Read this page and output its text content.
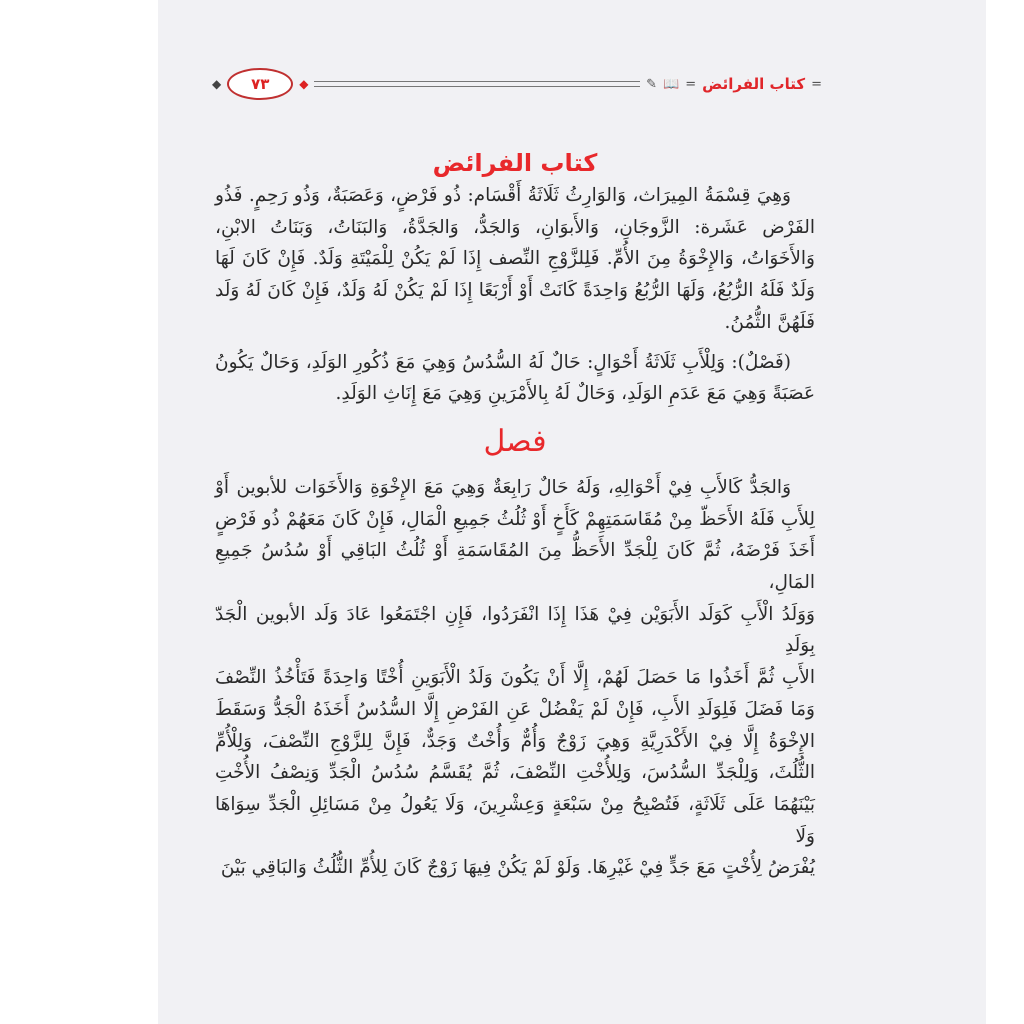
=
كتاب الفرائض
=
📖
✎
◆
٧٣
◆
كتاب الفرائض
وَهِيَ قِسْمَةُ المِيرَاث، وَالوَارِثُ ثَلَاثَةُ أَقْسَام: ذُو فَرْضٍ، وَعَصَبَةٌ، وَذُو رَحِمٍ. فَذُو
الفَرْض عَشَرة: الزَّوجَانِ، وَالأَبوَانِ، وَالجَدُّ، وَالجَدَّةُ، وَالبَنَاتُ، وَبَنَاتُ الابْنِ،
وَالأَخَوَاتُ، وَالإِخْوَةُ مِنَ الأُمِّ. فَلِلزَّوْجِ النِّصف إِذَا لَمْ يَكُنْ لِلْمَيْتَةِ وَلَدٌ. فَإِنْ كَانَ لَهَا
وَلَدٌ فَلَهُ الرُّبُعُ، وَلَهَا الرُّبُعُ وَاحِدَةً كَانَتْ أَوْ أَرْبَعًا إِذَا لَمْ يَكُنْ لَهُ وَلَدٌ، فَإِنْ كَانَ لَهُ وَلَد
فَلَهُنَّ الثُّمُنُ.
(فَصْلٌ): وَلِلْأَبِ ثَلَاثَةُ أَحْوَالٍ: حَالٌ لَهُ السُّدُسُ وَهِيَ مَعَ ذُكُورِ الوَلَدِ، وَحَالٌ يَكُونُ
عَصَبَةً وَهِيَ مَعَ عَدَمِ الوَلَدِ، وَحَالٌ لَهُ بِالأَمْرَينِ وَهِيَ مَعَ إِنَاثِ الوَلَدِ.
فصل
وَالجَدُّ كَالأَبِ فِيْ أَحْوَالِهِ، وَلَهُ حَالٌ رَابِعَةٌ وَهِيَ مَعَ الإِخْوَةِ وَالأَخَوَات للأبوين أَوْ
لِلأَبِ فَلَهُ الأَحَظّ مِنْ مُقَاسَمَتِهِمْ كَأَخٍ أَوْ ثُلُثُ جَمِيعِ الْمَالِ، فَإِنْ كَانَ مَعَهُمْ ذُو فَرْضٍ
أَخَذَ فَرْضَهُ، ثُمَّ كَانَ لِلْجَدِّ الأَحَظُّ مِنَ المُقَاسَمَةِ أَوْ ثُلُثُ البَاقِي أَوْ سُدُسُ جَمِيعِ المَالِ،
وَوَلَدُ الْأَبِ كَوَلَد الأَبَوَيْن فِيْ هَذَا إِذَا انْفَرَدُوا، فَإِنِ اجْتَمَعُوا عَادَ وَلَد الأبوين الْجَدّ بِوَلَدِ
الأَبِ ثُمَّ أَخَذُوا مَا حَصَلَ لَهُمْ، إِلَّا أَنْ يَكُونَ وَلَدُ الْأَبَوَينِ أُخْتًا وَاحِدَةً فَتَأْخُذُ النِّصْفَ
وَمَا فَضَلَ فَلِوَلَدِ الأَبِ، فَإِنْ لَمْ يَفْضُلْ عَنِ الفَرْضِ إِلَّا السُّدُسُ أَخَذَهُ الْجَدُّ وَسَقَطَ
الإِخْوَةُ إِلَّا فِيْ الأَكْدَرِيَّةِ وَهِيَ زَوْجٌ وَأُمٌّ وَأُخْتٌ وَجَدٌّ، فَإِنَّ لِلزَّوْجِ النِّصْفَ، وَلِلْأُمِّ
الثُّلُثَ، وَلِلْجَدِّ السُّدُسَ، وَلِلأُخْتِ النِّصْفَ، ثُمَّ يُقَسَّمُ سُدُسُ الْجَدِّ وَنِصْفُ الأُخْتِ
بَيْنَهُمَا عَلَى ثَلَاثَةٍ، فَتُصْبِحُ مِنْ سَبْعَةٍ وَعِشْرِينَ، وَلَا يَعُولُ مِنْ مَسَائِلِ الْجَدِّ سِوَاهَا وَلَا
يُفْرَضُ لِأُخْتٍ مَعَ جَدٍّ فِيْ غَيْرِهَا. وَلَوْ لَمْ يَكُنْ فِيهَا زَوْجٌ كَانَ لِلأُمِّ الثُّلُثُ وَالبَاقِي بَيْنَ
